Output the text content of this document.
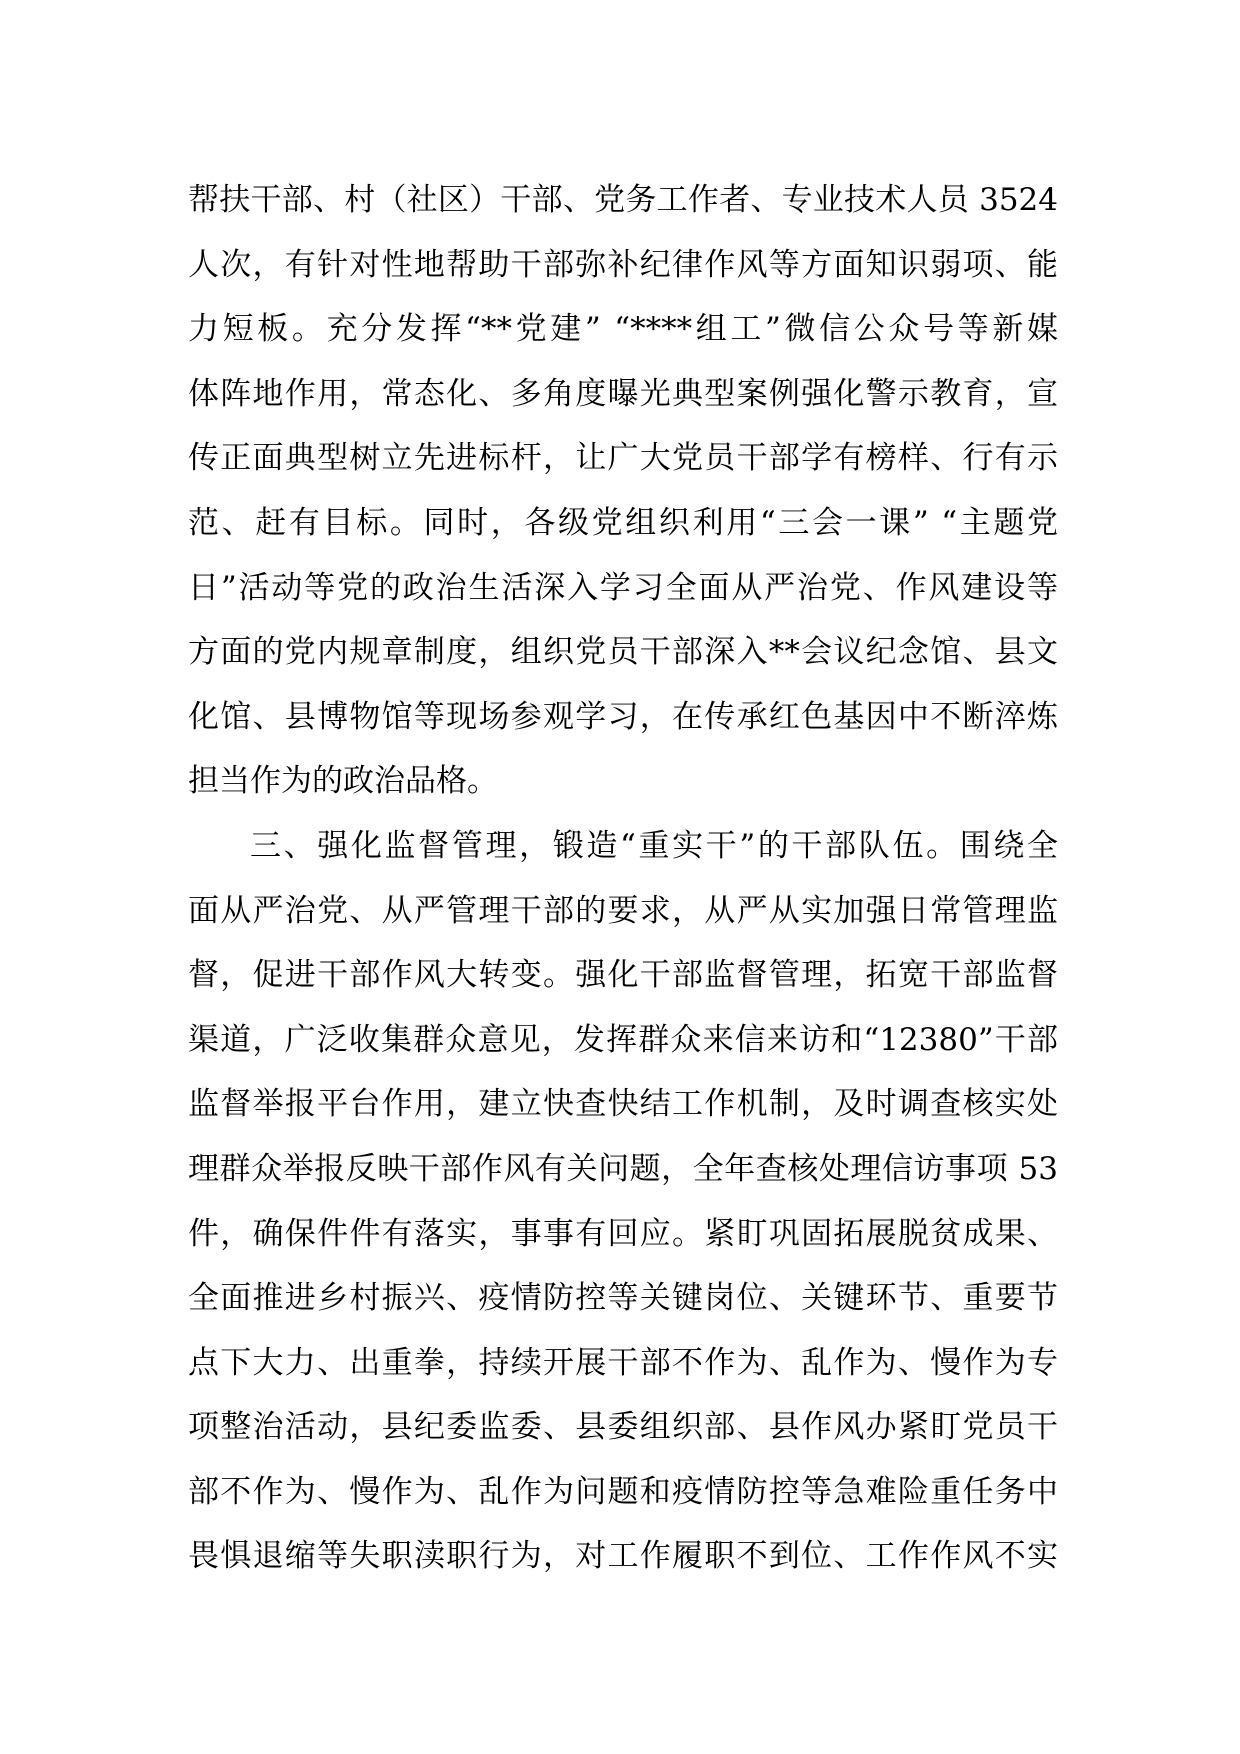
帮扶干部、村（社区）干部、党务工作者、专业技术人员 3524
人次，有针对性地帮助干部弥补纪律作风等方面知识弱项、能
力短板。充分发挥“**党建” “****组工”微信公众号等新媒
体阵地作用，常态化、多角度曝光典型案例强化警示教育，宣
传正面典型树立先进标杆，让广大党员干部学有榜样、行有示
范、赶有目标。同时，各级党组织利用“三会一课” “主题党
日”活动等党的政治生活深入学习全面从严治党、作风建设等
方面的党内规章制度，组织党员干部深入**会议纪念馆、县文
化馆、县博物馆等现场参观学习，在传承红色基因中不断淬炼
担当作为的政治品格。
三、强化监督管理，锻造“重实干”的干部队伍。围绕全
面从严治党、从严管理干部的要求，从严从实加强日常管理监
督，促进干部作风大转变。强化干部监督管理，拓宽干部监督
渠道，广泛收集群众意见，发挥群众来信来访和“12380”干部
监督举报平台作用，建立快查快结工作机制，及时调查核实处
理群众举报反映干部作风有关问题，全年查核处理信访事项 53
件，确保件件有落实，事事有回应。紧盯巩固拓展脱贫成果、
全面推进乡村振兴、疫情防控等关键岗位、关键环节、重要节
点下大力、出重拳，持续开展干部不作为、乱作为、慢作为专
项整治活动，县纪委监委、县委组织部、县作风办紧盯党员干
部不作为、慢作为、乱作为问题和疫情防控等急难险重任务中
畏惧退缩等失职渎职行为，对工作履职不到位、工作作风不实
